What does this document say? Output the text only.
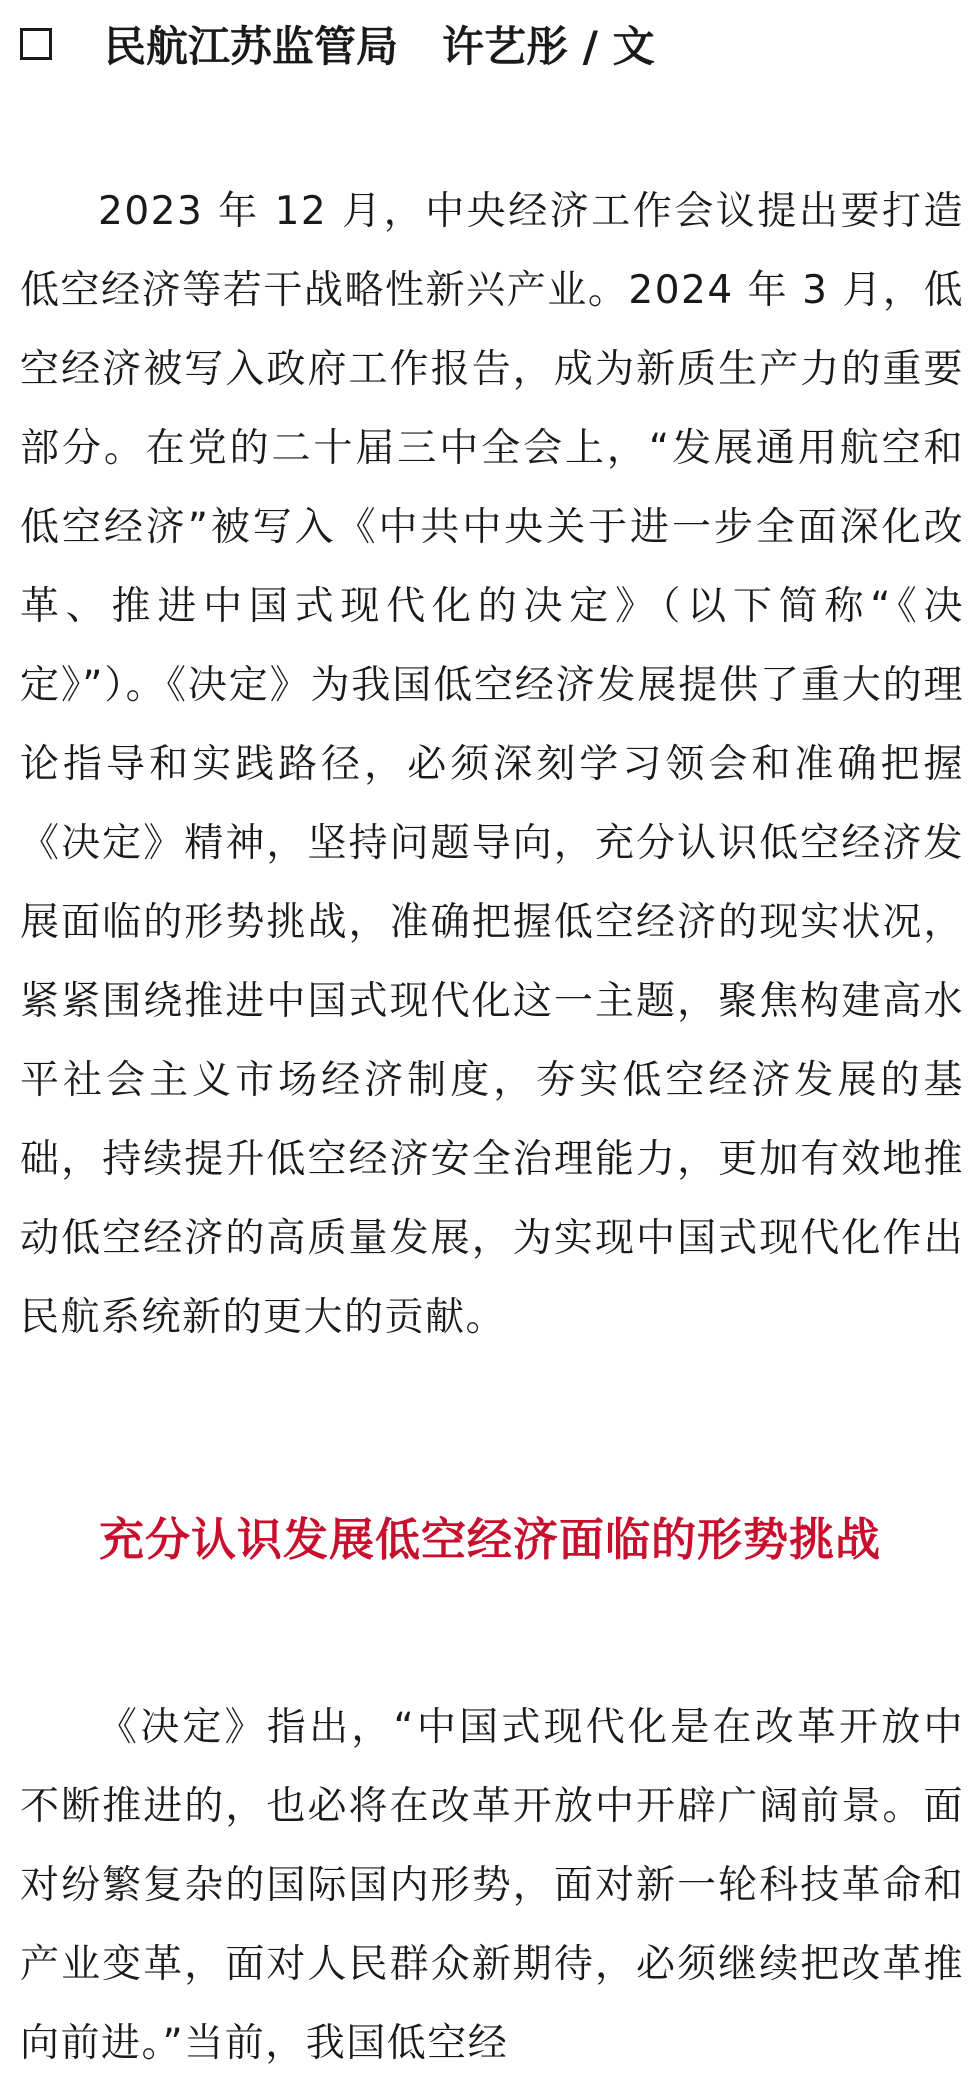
民航江苏监管局 许艺彤 / 文

2023 年 12 月，中央经济工作会议提出要打造低空经济等若干战略性新兴产业。2024 年 3 月，低空经济被写入政府工作报告，成为新质生产力的重要部分。在党的二十届三中全会上，“发展通用航空和低空经济”被写入《中共中央关于进一步全面深化改革、推进中国式现代化的决定》（以下简称“《决定》”）。《决定》为我国低空经济发展提供了重大的理论指导和实践路径，必须深刻学习领会和准确把握《决定》精神，坚持问题导向，充分认识低空经济发展面临的形势挑战，准确把握低空经济的现实状况，紧紧围绕推进中国式现代化这一主题，聚焦构建高水平社会主义市场经济制度，夯实低空经济发展的基础，持续提升低空经济安全治理能力，更加有效地推动低空经济的高质量发展，为实现中国式现代化作出民航系统新的更大的贡献。

充分认识发展低空经济面临的形势挑战

《决定》指出，“中国式现代化是在改革开放中不断推进的，也必将在改革开放中开辟广阔前景。面对纷繁复杂的国际国内形势，面对新一轮科技革命和产业变革，面对人民群众新期待，必须继续把改革推向前进。”当前，我国低空经
